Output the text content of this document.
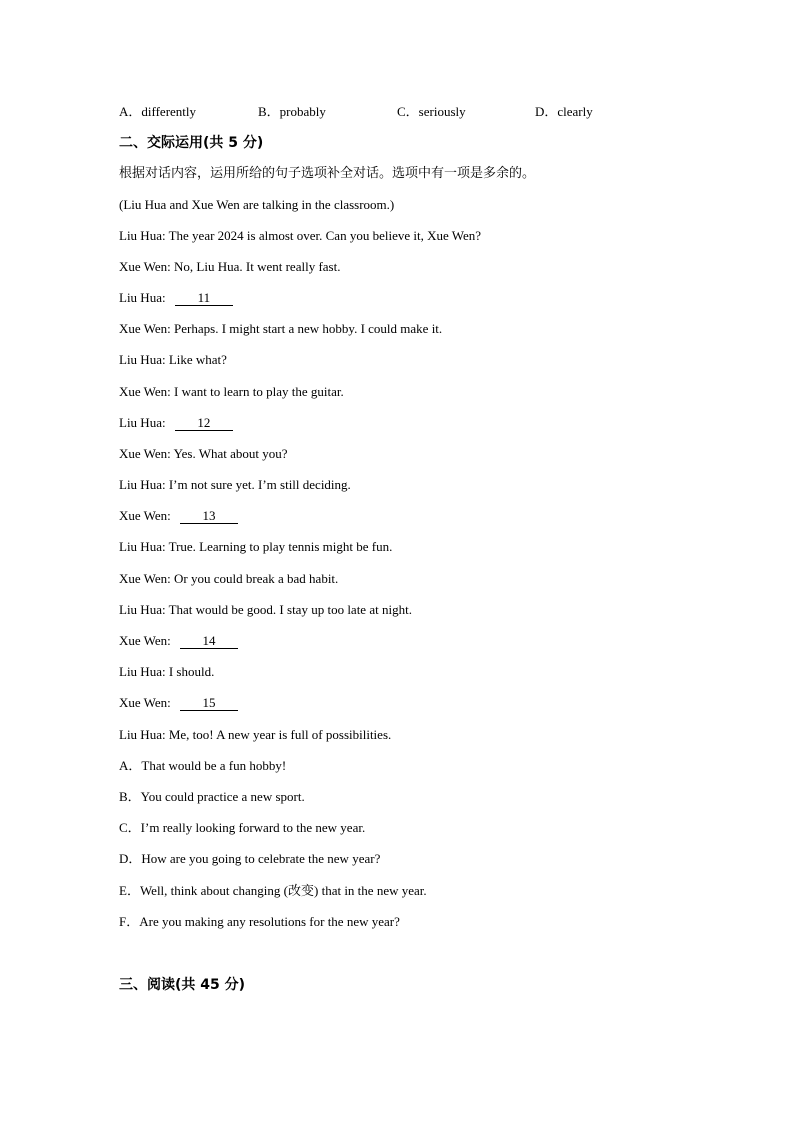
A．differently	B．probably	C．seriously	D．clearly
二、交际运用(共 5 分)
根据对话内容，运用所给的句子选项补全对话。选项中有一项是多余的。
(Liu Hua and Xue Wen are talking in the classroom.)
Liu Hua: The year 2024 is almost over. Can you believe it, Xue Wen?
Xue Wen: No, Liu Hua. It went really fast.
Liu Hua: 11
Xue Wen: Perhaps. I might start a new hobby. I could make it.
Liu Hua: Like what?
Xue Wen: I want to learn to play the guitar.
Liu Hua: 12
Xue Wen: Yes. What about you?
Liu Hua: I’m not sure yet. I’m still deciding.
Xue Wen: 13
Liu Hua: True. Learning to play tennis might be fun.
Xue Wen: Or you could break a bad habit.
Liu Hua: That would be good. I stay up too late at night.
Xue Wen: 14
Liu Hua: I should.
Xue Wen: 15
Liu Hua: Me, too! A new year is full of possibilities.
A．That would be a fun hobby!
B．You could practice a new sport.
C．I’m really looking forward to the new year.
D．How are you going to celebrate the new year?
E．Well, think about changing (改变) that in the new year.
F．Are you making any resolutions for the new year?
三、阅读(共 45 分)
